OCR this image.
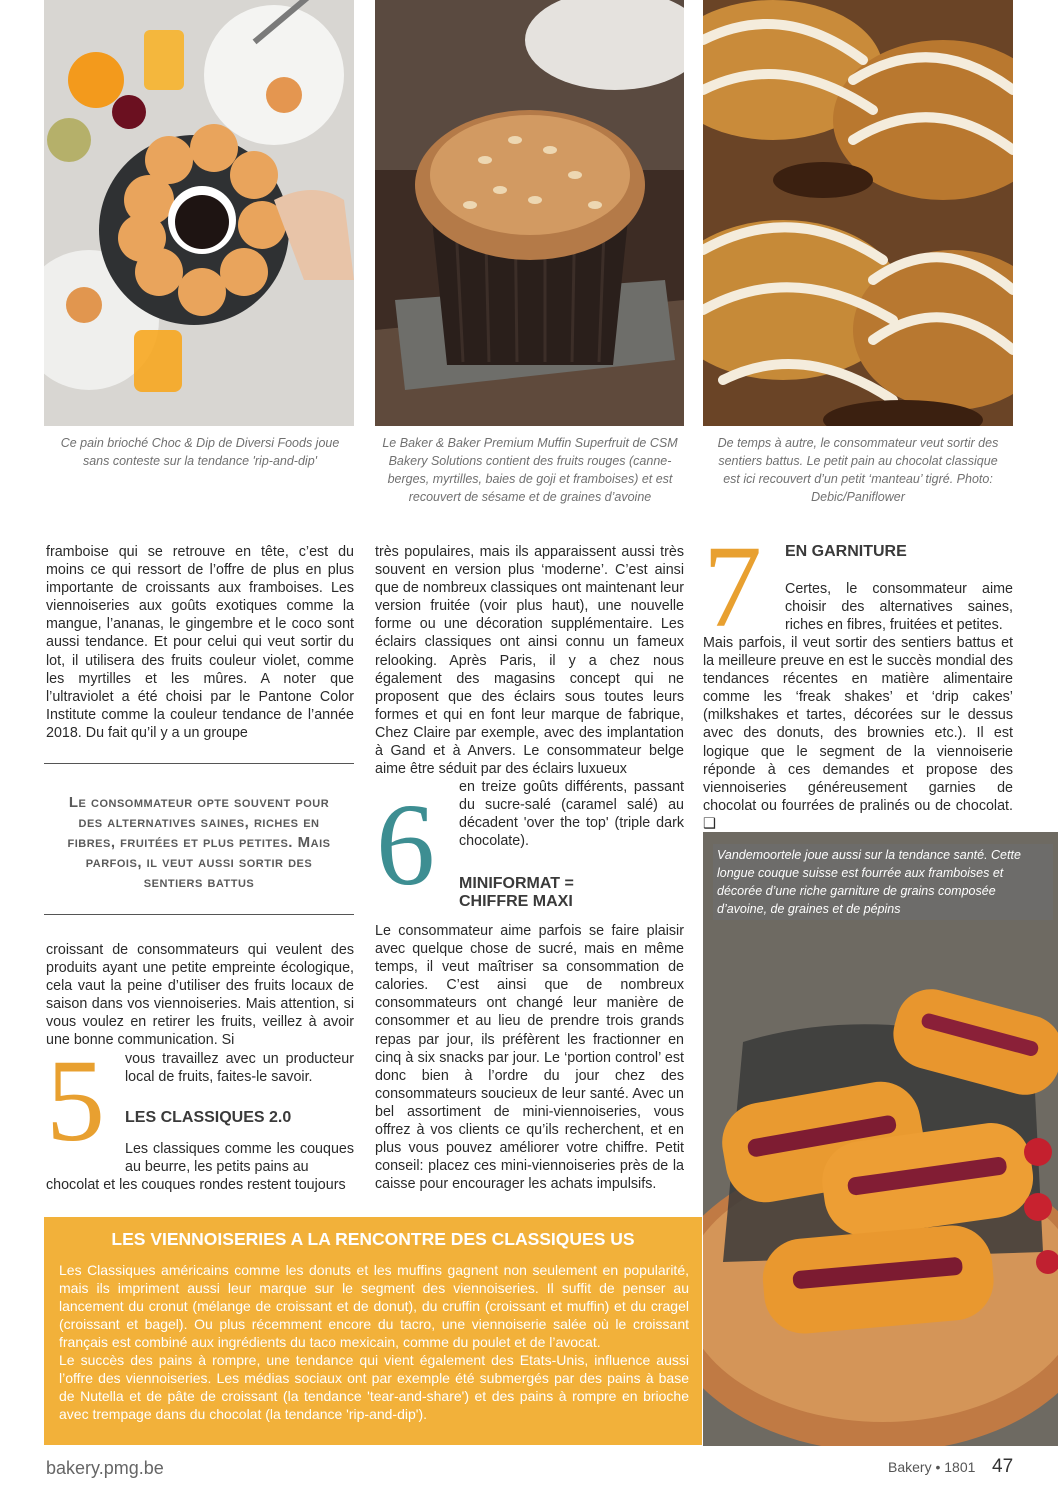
Ce pain brioché Choc & Dip de Diversi Foods joue sans conteste sur la tendance 'rip-and-dip'
Le Baker & Baker Premium Muffin Superfruit de CSM Bakery Solutions contient des fruits rouges (canne-berges, myrtilles, baies de goji et framboises) et est recouvert de sésame et de graines d’avoine
De temps à autre, le consommateur veut sortir des sentiers battus. Le petit pain au chocolat classique est ici recouvert d’un petit ‘manteau’ tigré. Photo: Debic/Paniflower

framboise qui se retrouve en tête, c’est du moins ce qui ressort de l’offre de plus en plus importante de croissants aux framboises. Les viennoiseries aux goûts exotiques comme la mangue, l’ananas, le gingembre et le coco sont aussi tendance. Et pour celui qui veut sortir du lot, il utilisera des fruits couleur violet, comme les myrtilles et les mûres. A noter que l’ultraviolet a été choisi par le Pantone Color Institute comme la couleur tendance de l’année 2018. Du fait qu’il y a un groupe

Le consommateur opte souvent pour des alternatives saines, riches en fibres, fruitées et plus petites. Mais parfois, il veut aussi sortir des sentiers battus

croissant de consommateurs qui veulent des produits ayant une petite empreinte écologique, cela vaut la peine d’utiliser des fruits locaux de saison dans vos viennoiseries. Mais attention, si vous voulez en retirer les fruits, veillez à avoir une bonne communication. Si

5 vous travaillez avec un producteur local de fruits, faites-le savoir.

LES CLASSIQUES 2.0

Les classiques comme les couques au beurre, les petits pains au

chocolat et les couques rondes restent toujours

très populaires, mais ils apparaissent aussi très souvent en version plus ‘moderne’. C’est ainsi que de nombreux classiques ont maintenant leur version fruitée (voir plus haut), une nouvelle forme ou une décoration supplémentaire. Les éclairs classiques ont ainsi connu un fameux relooking. Après Paris, il y a chez nous également des magasins concept qui ne proposent que des éclairs sous toutes leurs formes et qui en font leur marque de fabrique, Chez Claire par exemple, avec des implantation à Gand et à Anvers. Le consommateur belge aime être séduit par des éclairs luxueux

en treize goûts différents, passant du sucre-salé (caramel salé) au décadent 'over the top' (triple dark chocolate).

6 MINIFORMAT =
CHIFFRE MAXI

Le consommateur aime parfois se faire plaisir avec quelque chose de sucré, mais en même temps, il veut maîtriser sa consommation de calories. C’est ainsi que de nombreux consommateurs ont changé leur manière de consommer et au lieu de prendre trois grands repas par jour, ils préfèrent les fractionner en cinq à six snacks par jour. Le ‘portion control’ est donc bien à l’ordre du jour chez des consommateurs soucieux de leur santé. Avec un bel assortiment de mini-viennoiseries, vous offrez à vos clients ce qu’ils recherchent, et en plus vous pouvez améliorer votre chiffre. Petit conseil: placez ces mini-viennoiseries près de la caisse pour encourager les achats impulsifs.

7 EN GARNITURE

Certes, le consommateur aime choisir des alternatives saines, riches en fibres, fruitées et petites.

Mais parfois, il veut sortir des sentiers battus et la meilleure preuve en est le succès mondial des tendances récentes en matière alimentaire comme les ‘freak shakes’ et ‘drip cakes’ (milkshakes et tartes, décorées sur le dessus avec des donuts, des brownies etc.). Il est logique que le segment de la viennoiserie réponde à ces demandes et propose des viennoiseries généreusement garnies de chocolat ou fourrées de pralinés ou de chocolat. ❑

Vandemoortele joue aussi sur la tendance santé. Cette longue couque suisse est fourrée aux framboises et décorée d’une riche garniture de grains composée d’avoine, de graines et de pépins
LES VIENNOISERIES A LA RENCONTRE DES CLASSIQUES US

Les Classiques américains comme les donuts et les muffins gagnent non seulement en popularité, mais ils impriment aussi leur marque sur le segment des viennoiseries. Il suffit de penser au lancement du cronut (mélange de croissant et de donut), du cruffin (croissant et muffin) et du cragel (croissant et bagel). Ou plus récemment encore du tacro, une viennoiserie salée où le croissant français est combiné aux ingrédients du taco mexicain, comme du poulet et de l’avocat.
Le succès des pains à rompre, une tendance qui vient également des Etats-Unis, influence aussi l’offre des viennoiseries. Les médias sociaux ont par exemple été submergés par des pains à base de Nutella et de pâte de croissant (la tendance 'tear-and-share') et des pains à rompre en brioche avec trempage dans du chocolat (la tendance 'rip-and-dip').

bakery.pmg.be	Bakery • 1801 47
